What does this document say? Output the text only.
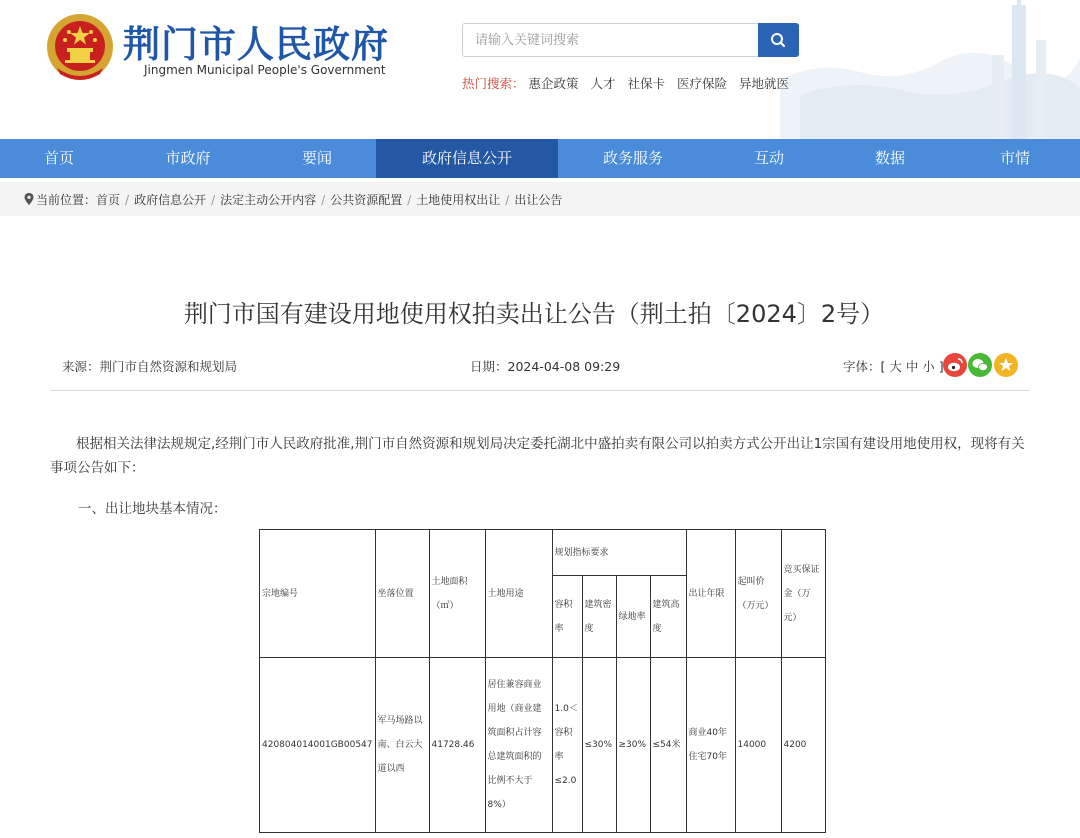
荆门市人民政府
Jingmen Municipal People's Government
请输入关键词搜索
热门搜索： 惠企政策 人才 社保卡 医疗保险 异地就医
首页	市政府	要闻	政府信息公开	政务服务	互动	数据	市情
当前位置：首页 / 政府信息公开 / 法定主动公开内容 / 公共资源配置 / 土地使用权出让 / 出让公告
荆门市国有建设用地使用权拍卖出让公告（荆土拍〔2024〕2号）
来源：荆门市自然资源和规划局	日期：2024-04-08 09:29	字体：[ 大 中 小 ]
根据相关法律法规规定,经荆门市人民政府批准,荆门市自然资源和规划局决定委托湖北中盛拍卖有限公司以拍卖方式公开出让1宗国有建设用地使用权，现将有关事项公告如下：
一、出让地块基本情况：
宗地编号	坐落位置	土地面积（㎡）	土地用途	规划指标要求				出让年限	起叫价（万元）	竞买保证金（万元）
				容积率	建筑密度	绿地率	建筑高度			
420804014001GB00547	军马场路以南、白云大道以西	41728.46	居住兼容商业用地（商业建筑面积占计容总建筑面积的比例不大于8%）	1.0＜容积率≤2.0	≤30%	≥30%	≤54米	商业40年住宅70年	14000	4200
